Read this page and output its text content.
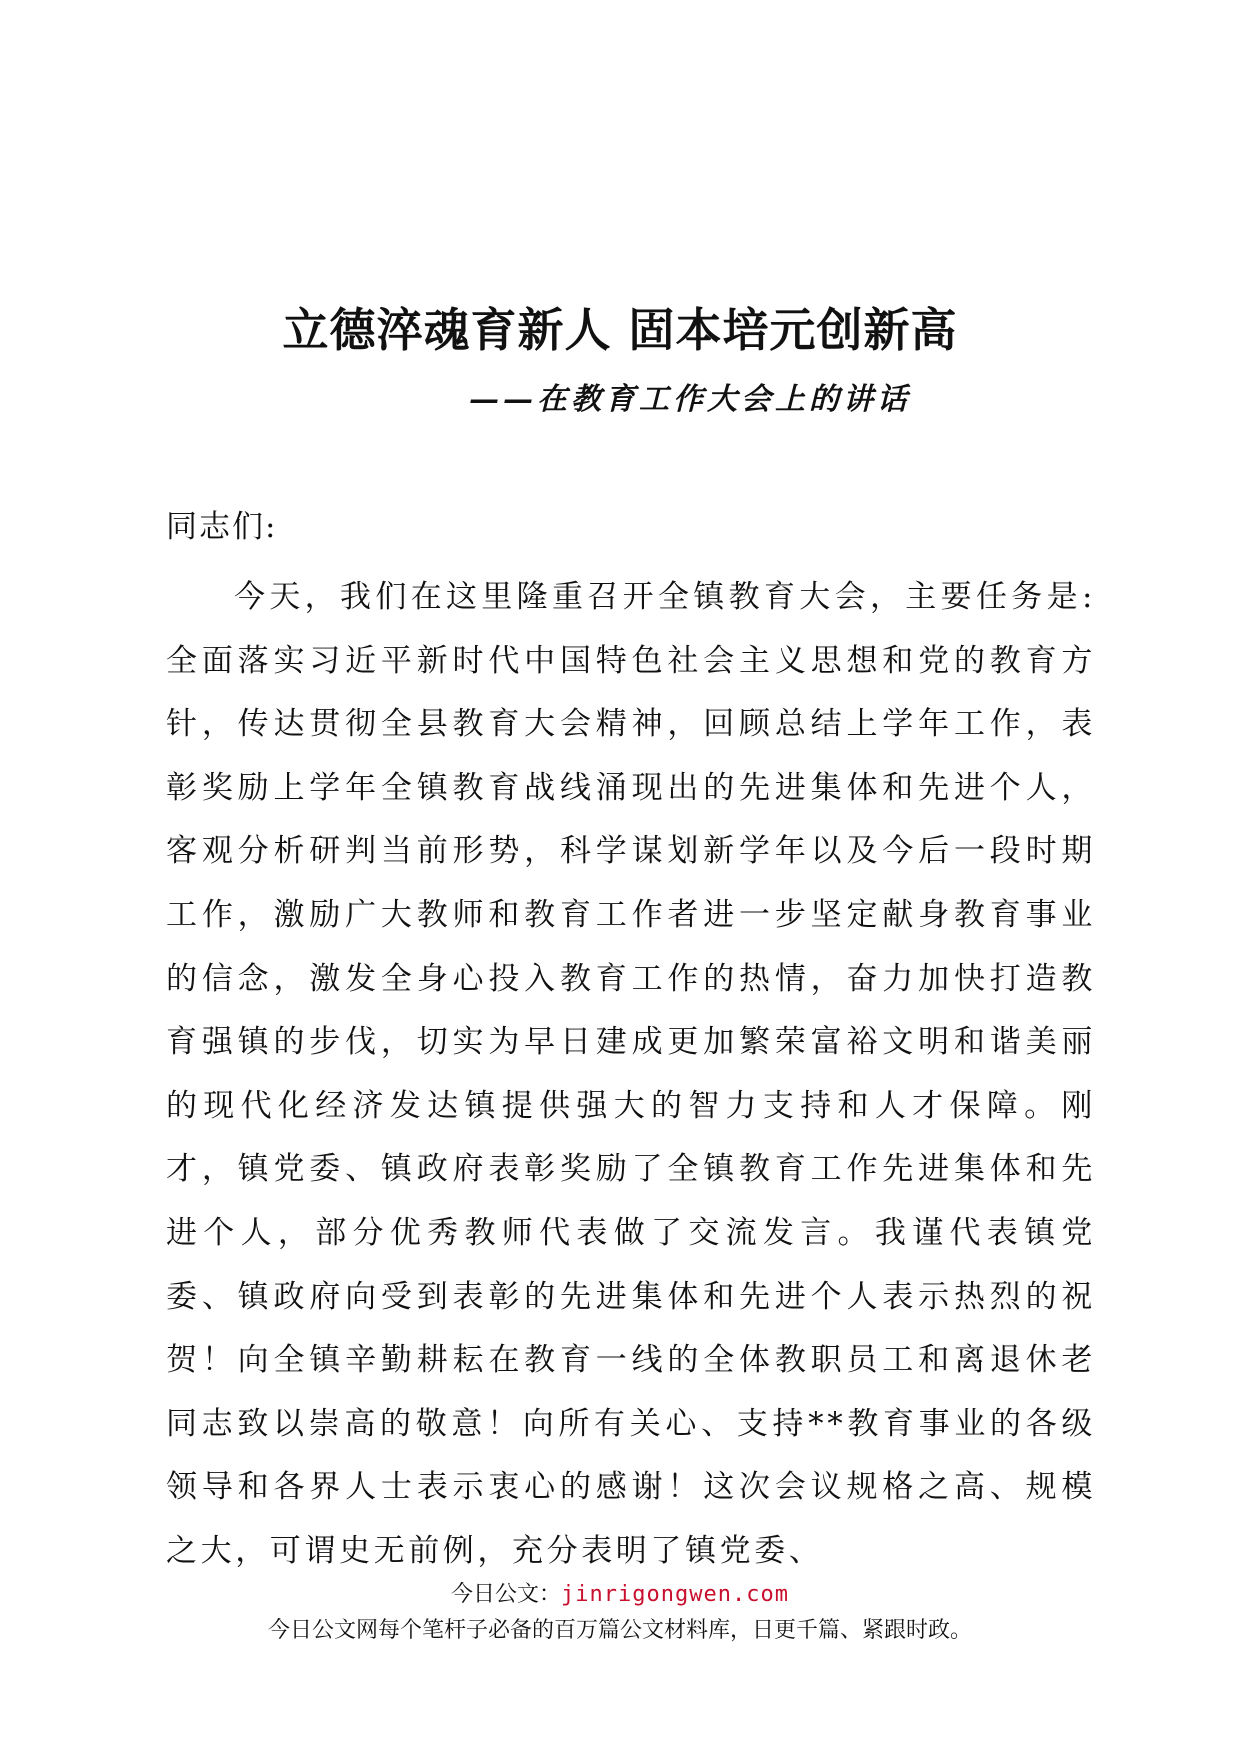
立德淬魂育新人 固本培元创新高
——在教育工作大会上的讲话
同志们:

今天，我们在这里隆重召开全镇教育大会，主要任务是:全面落实习近平新时代中国特色社会主义思想和党的教育方针，传达贯彻全县教育大会精神，回顾总结上学年工作，表彰奖励上学年全镇教育战线涌现出的先进集体和先进个人，客观分析研判当前形势，科学谋划新学年以及今后一段时期工作，激励广大教师和教育工作者进一步坚定献身教育事业的信念，激发全身心投入教育工作的热情，奋力加快打造教育强镇的步伐，切实为早日建成更加繁荣富裕文明和谐美丽的现代化经济发达镇提供强大的智力支持和人才保障。刚才，镇党委、镇政府表彰奖励了全镇教育工作先进集体和先进个人，部分优秀教师代表做了交流发言。我谨代表镇党委、镇政府向受到表彰的先进集体和先进个人表示热烈的祝贺！向全镇辛勤耕耘在教育一线的全体教职员工和离退休老同志致以崇高的敬意！向所有关心、支持**教育事业的各级领导和各界人士表示衷心的感谢！这次会议规格之高、规模之大，可谓史无前例，充分表明了镇党委、

今日公文：jinrigongwen.com
今日公文网每个笔杆子必备的百万篇公文材料库，日更千篇、紧跟时政。
